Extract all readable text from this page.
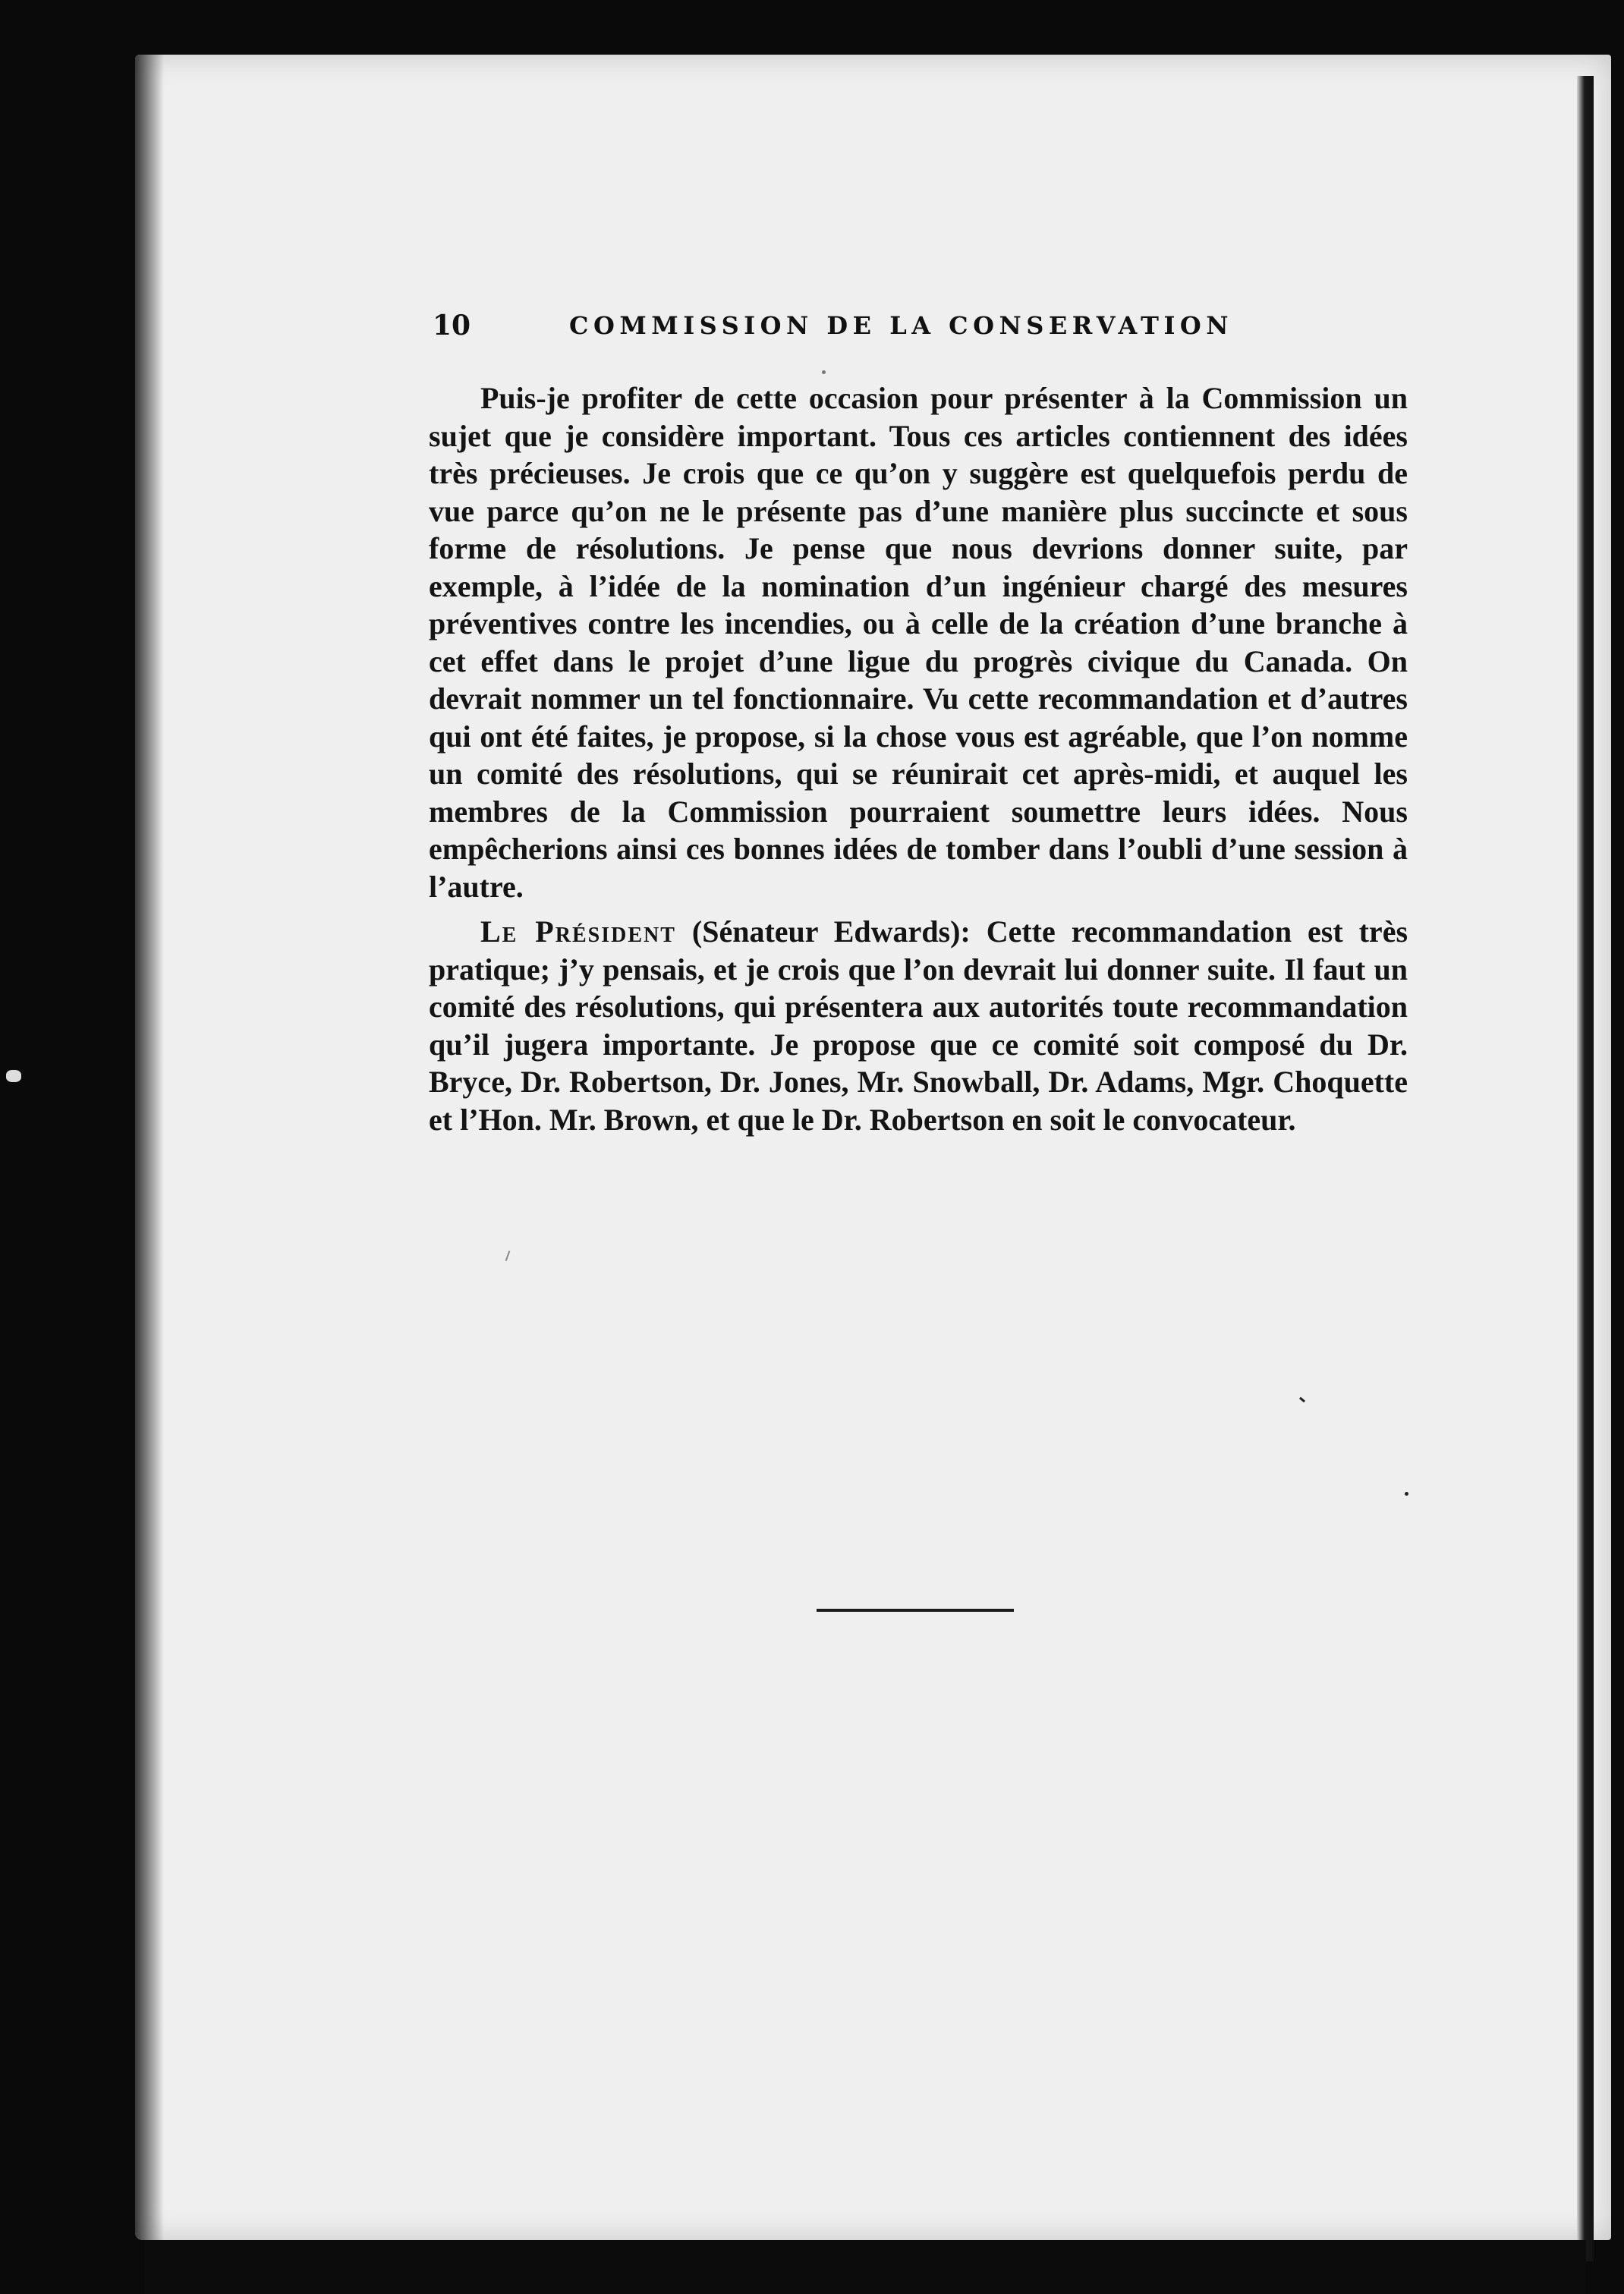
10	COMMISSION DE LA CONSERVATION

Puis-je profiter de cette occasion pour présenter à la Commission un sujet que je considère important. Tous ces articles contiennent des idées très précieuses. Je crois que ce qu’on y suggère est quelquefois perdu de vue parce qu’on ne le présente pas d’une manière plus succincte et sous forme de résolutions. Je pense que nous devrions donner suite, par exemple, à l’idée de la nomination d’un ingénieur chargé des mesures préventives contre les incendies, ou à celle de la création d’une branche à cet effet dans le projet d’une ligue du progrès civique du Canada. On devrait nommer un tel fonctionnaire. Vu cette recommandation et d’autres qui ont été faites, je propose, si la chose vous est agréable, que l’on nomme un comité des résolutions, qui se réunirait cet après-midi, et auquel les membres de la Commission pourraient soumettre leurs idées. Nous empêcherions ainsi ces bonnes idées de tomber dans l’oubli d’une session à l’autre.

Le Président (Sénateur Edwards): Cette recommandation est très pratique; j’y pensais, et je crois que l’on devrait lui donner suite. Il faut un comité des résolutions, qui présentera aux autorités toute recommandation qu’il jugera importante. Je propose que ce comité soit composé du Dr. Bryce, Dr. Robertson, Dr. Jones, Mr. Snowball, Dr. Adams, Mgr. Choquette et l’Hon. Mr. Brown, et que le Dr. Robertson en soit le convocateur.
